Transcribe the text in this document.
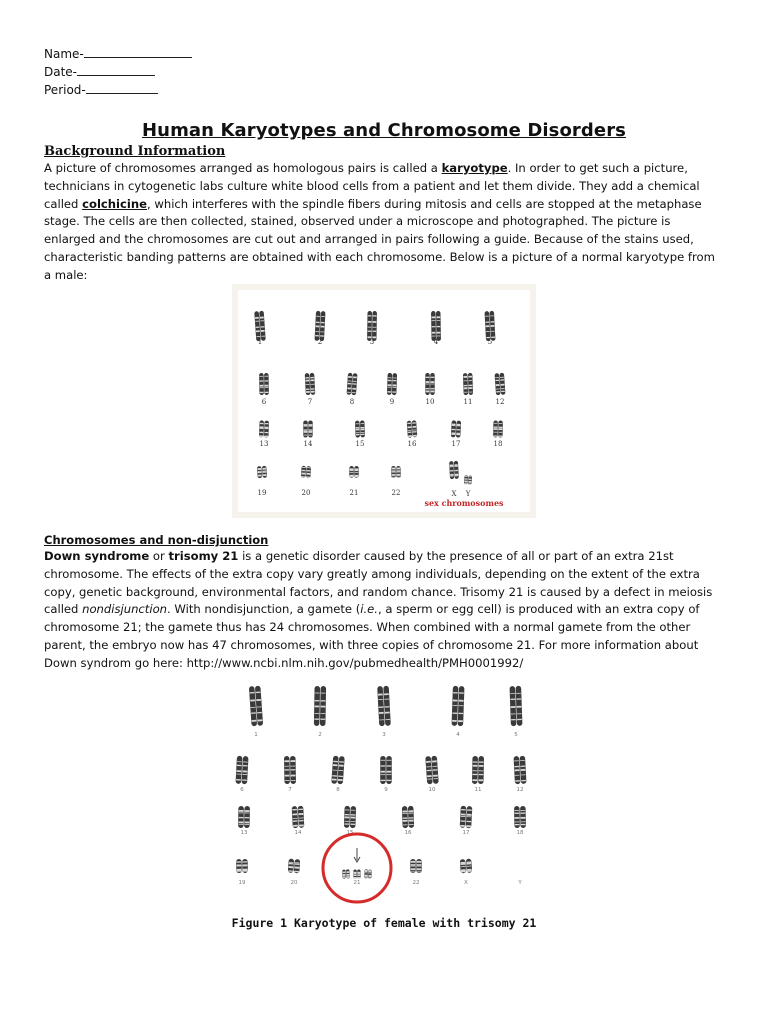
Name-
Date-
Period-
Human Karyotypes and Chromosome Disorders
Background Information
A picture of chromosomes arranged as homologous pairs is called a karyotype. In order to get such a picture,
technicians in cytogenetic labs culture white blood cells from a patient and let them divide. They add a chemical
called colchicine, which interferes with the spindle fibers during mitosis and cells are stopped at the metaphase
stage. The cells are then collected, stained, observed under a microscope and photographed. The picture is
enlarged and the chromosomes are cut out and arranged in pairs following a guide. Because of the stains used,
characteristic banding patterns are obtained with each chromosome. Below is a picture of a normal karyotype from
a male:
1	2	3	4	5
6	7	8	9	10	11	12
13	14	15	16	17	18
19	20	21	22	X Y
sex chromosomes
Chromosomes and non-disjunction
Down syndrome or trisomy 21 is a genetic disorder caused by the presence of all or part of an extra 21st
chromosome. The effects of the extra copy vary greatly among individuals, depending on the extent of the extra
copy, genetic background, environmental factors, and random chance. Trisomy 21 is caused by a defect in meiosis
called nondisjunction. With nondisjunction, a gamete (i.e., a sperm or egg cell) is produced with an extra copy of
chromosome 21; the gamete thus has 24 chromosomes. When combined with a normal gamete from the other
parent, the embryo now has 47 chromosomes, with three copies of chromosome 21. For more information about
Down syndrom go here: http://www.ncbi.nlm.nih.gov/pubmedhealth/PMH0001992/
1	2	3	4	5
6	7	8	9	10	11	12
13	14	15	16	17	18
19	20	22	X	Y
21
Figure 1 Karyotype of female with trisomy 21
